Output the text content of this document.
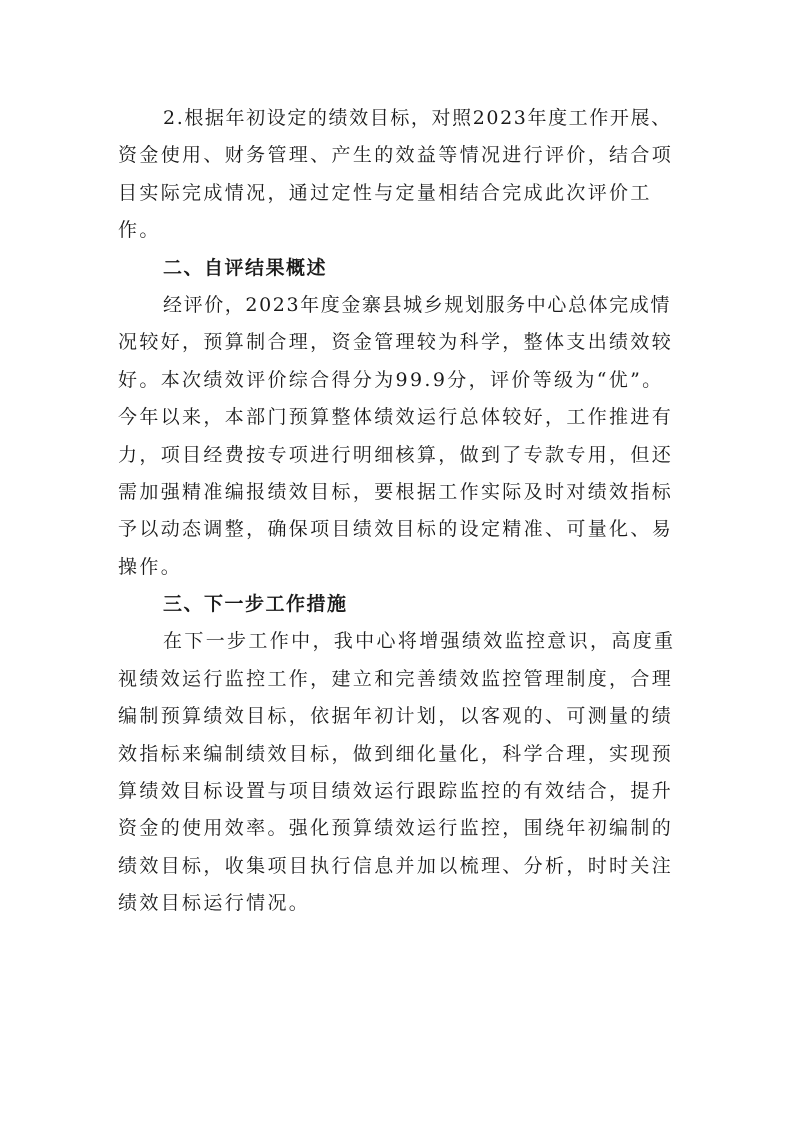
2.根据年初设定的绩效目标，对照2023年度工作开展、
资金使用、财务管理、产生的效益等情况进行评价，结合项
目实际完成情况，通过定性与定量相结合完成此次评价工
作。
二、自评结果概述
经评价，2023年度金寨县城乡规划服务中心总体完成情
况较好，预算制合理，资金管理较为科学，整体支出绩效较
好。本次绩效评价综合得分为99.9分，评价等级为“优”。
今年以来，本部门预算整体绩效运行总体较好，工作推进有
力，项目经费按专项进行明细核算，做到了专款专用，但还
需加强精准编报绩效目标，要根据工作实际及时对绩效指标
予以动态调整，确保项目绩效目标的设定精准、可量化、易
操作。
三、下一步工作措施
在下一步工作中，我中心将增强绩效监控意识，高度重
视绩效运行监控工作，建立和完善绩效监控管理制度，合理
编制预算绩效目标，依据年初计划，以客观的、可测量的绩
效指标来编制绩效目标，做到细化量化，科学合理，实现预
算绩效目标设置与项目绩效运行跟踪监控的有效结合，提升
资金的使用效率。强化预算绩效运行监控，围绕年初编制的
绩效目标，收集项目执行信息并加以梳理、分析，时时关注
绩效目标运行情况。
